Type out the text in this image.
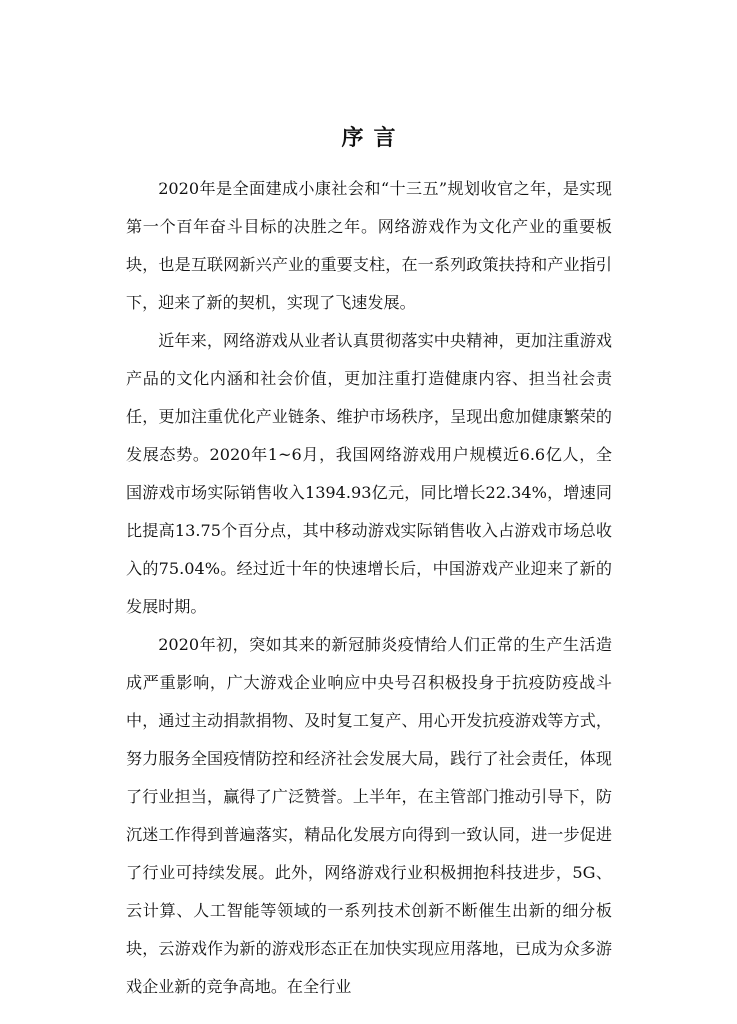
序言

2020年是全面建成小康社会和“十三五”规划收官之年，是实现第一个百年奋斗目标的决胜之年。网络游戏作为文化产业的重要板块，也是互联网新兴产业的重要支柱，在一系列政策扶持和产业指引下，迎来了新的契机，实现了飞速发展。

近年来，网络游戏从业者认真贯彻落实中央精神，更加注重游戏产品的文化内涵和社会价值，更加注重打造健康内容、担当社会责任，更加注重优化产业链条、维护市场秩序，呈现出愈加健康繁荣的发展态势。2020年1~6月，我国网络游戏用户规模近6.6亿人，全国游戏市场实际销售收入1394.93亿元，同比增长22.34%，增速同比提高13.75个百分点，其中移动游戏实际销售收入占游戏市场总收入的75.04%。经过近十年的快速增长后，中国游戏产业迎来了新的发展时期。

2020年初，突如其来的新冠肺炎疫情给人们正常的生产生活造成严重影响，广大游戏企业响应中央号召积极投身于抗疫防疫战斗中，通过主动捐款捐物、及时复工复产、用心开发抗疫游戏等方式，努力服务全国疫情防控和经济社会发展大局，践行了社会责任，体现了行业担当，赢得了广泛赞誉。上半年，在主管部门推动引导下，防沉迷工作得到普遍落实，精品化发展方向得到一致认同，进一步促进了行业可持续发展。此外，网络游戏行业积极拥抱科技进步，5G、云计算、人工智能等领域的一系列技术创新不断催生出新的细分板块，云游戏作为新的游戏形态正在加快实现应用落地，已成为众多游戏企业新的竞争高地。在全行业
